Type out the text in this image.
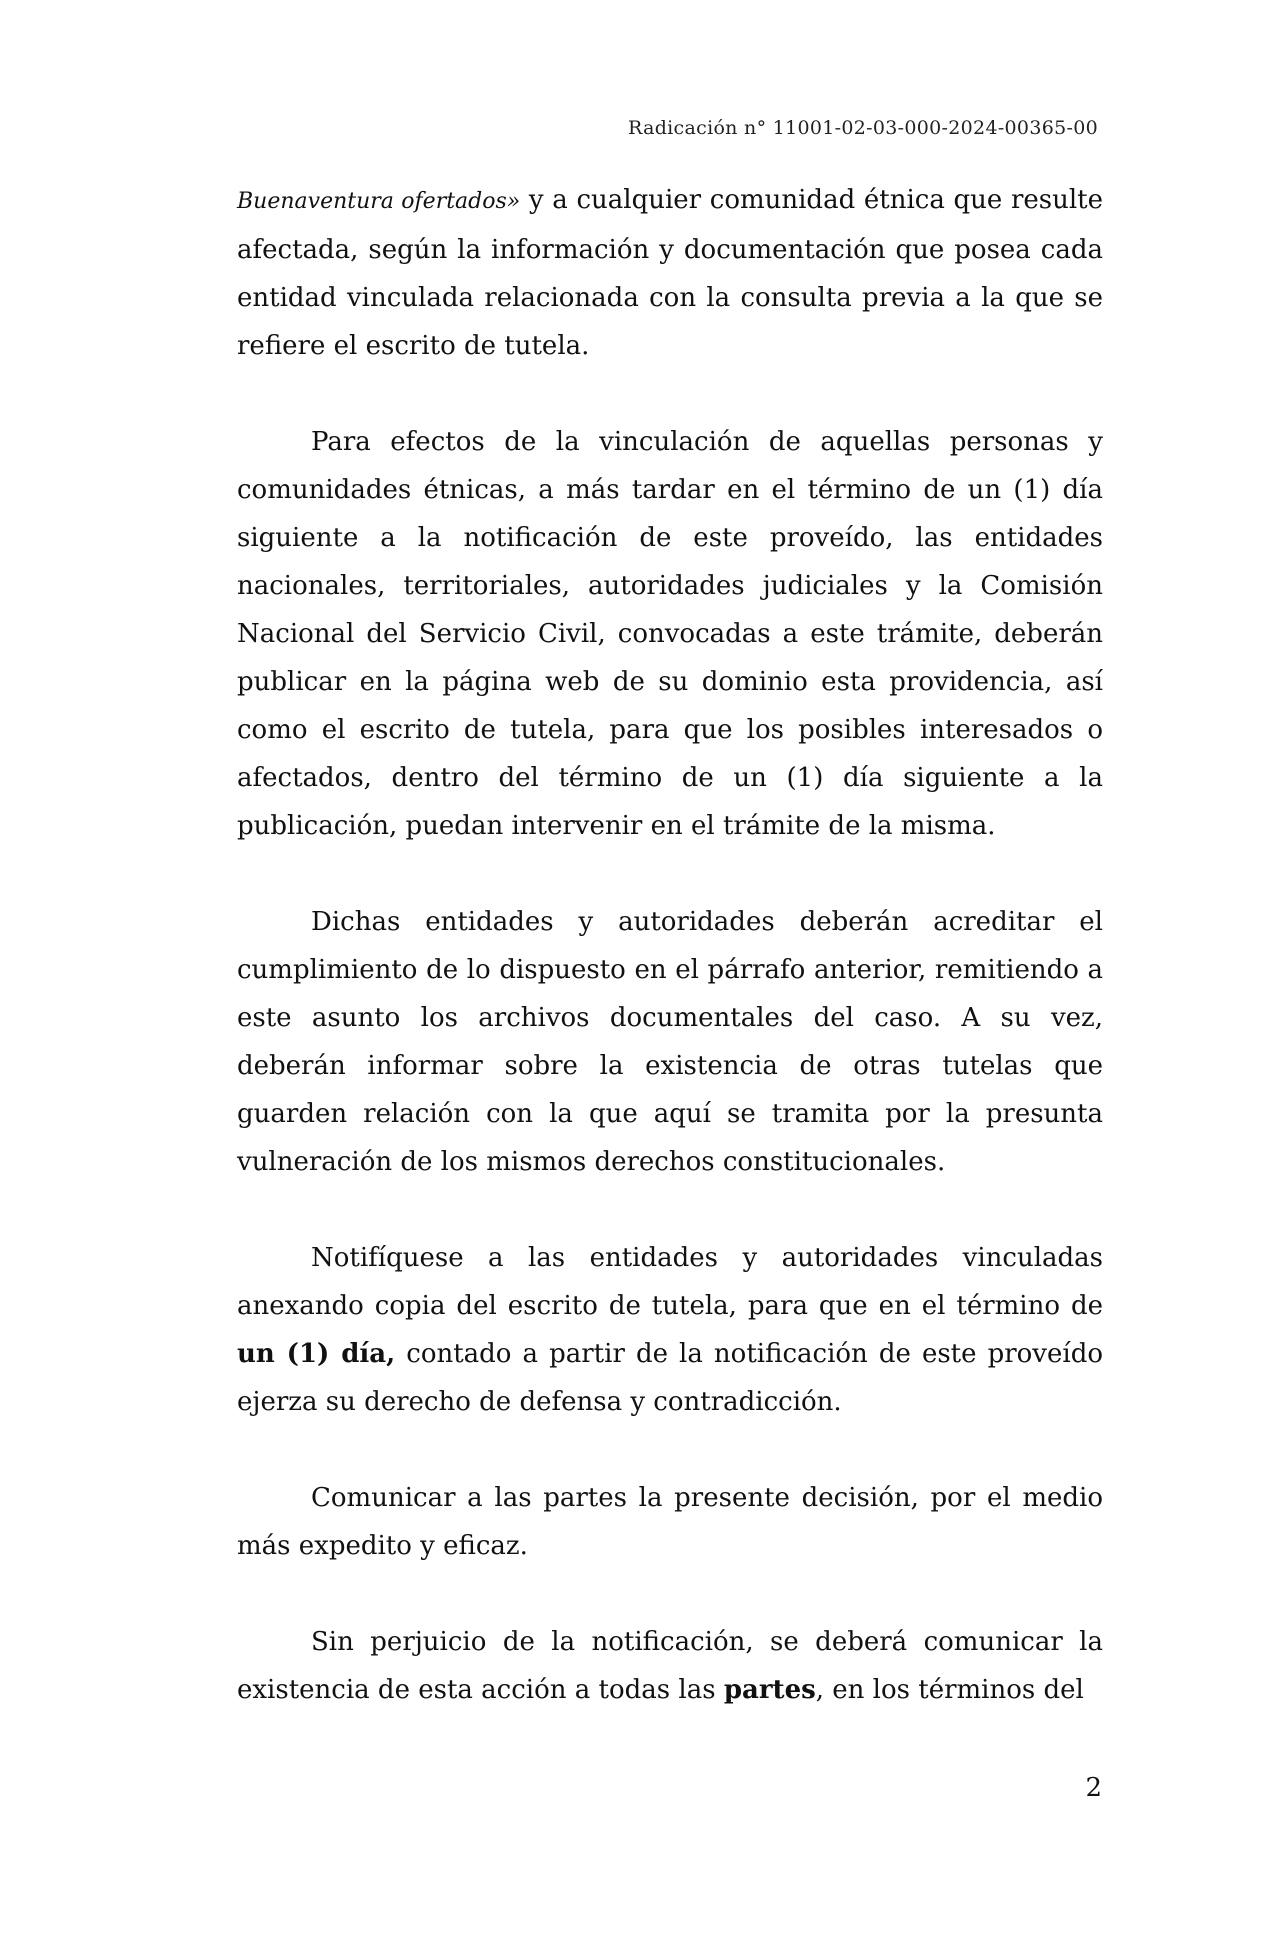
Radicación n° 11001-02-03-000-2024-00365-00

Buenaventura ofertados» y a cualquier comunidad étnica que resulte afectada, según la información y documentación que posea cada entidad vinculada relacionada con la consulta previa a la que se refiere el escrito de tutela.

Para efectos de la vinculación de aquellas personas y comunidades étnicas, a más tardar en el término de un (1) día siguiente a la notificación de este proveído, las entidades nacionales, territoriales, autoridades judiciales y la Comisión Nacional del Servicio Civil, convocadas a este trámite, deberán publicar en la página web de su dominio esta providencia, así como el escrito de tutela, para que los posibles interesados o afectados, dentro del término de un (1) día siguiente a la publicación, puedan intervenir en el trámite de la misma.

Dichas entidades y autoridades deberán acreditar el cumplimiento de lo dispuesto en el párrafo anterior, remitiendo a este asunto los archivos documentales del caso. A su vez, deberán informar sobre la existencia de otras tutelas que guarden relación con la que aquí se tramita por la presunta vulneración de los mismos derechos constitucionales.

Notifíquese a las entidades y autoridades vinculadas anexando copia del escrito de tutela, para que en el término de un (1) día, contado a partir de la notificación de este proveído ejerza su derecho de defensa y contradicción.

Comunicar a las partes la presente decisión, por el medio más expedito y eficaz.

Sin perjuicio de la notificación, se deberá comunicar la existencia de esta acción a todas las partes, en los términos del

2
